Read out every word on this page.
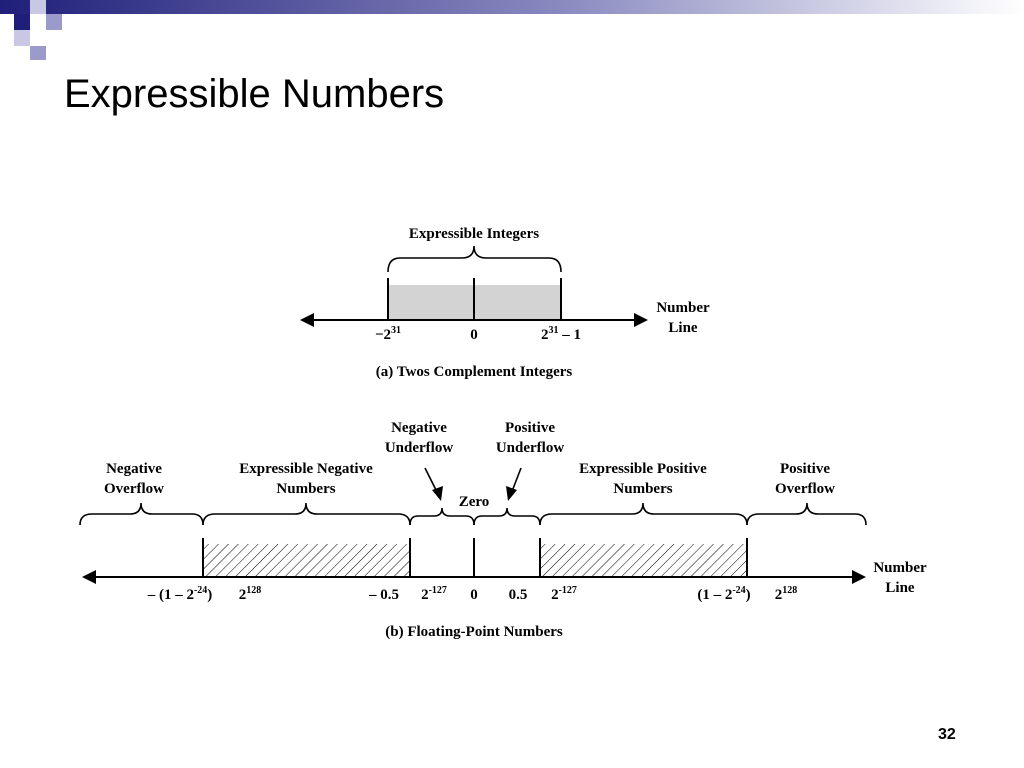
Expressible Numbers
Expressible Integers
Number
Line
$-2^{31}$	0	$2^{31} - 1$
(a) Twos Complement Integers
Negative
Overflow
Expressible Negative
Numbers
Negative
Underflow
Zero
Positive
Underflow
Expressible Positive
Numbers
Positive
Overflow
Number
Line
– $(1 - 2^{-24})$ $2^{128}$	– 0.5 $2^{-127}$ 0 0.5 $2^{-127}$	$(1 - 2^{-24})$ $2^{128}$
(b) Floating-Point Numbers
32
